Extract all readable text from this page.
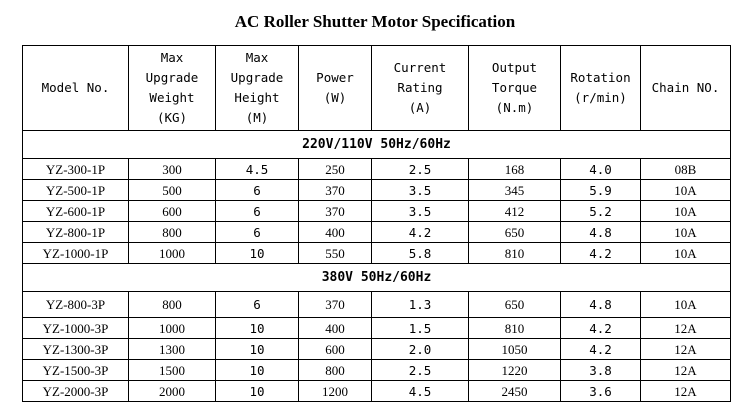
AC Roller Shutter Motor Specification
Model No.	Max
Upgrade
Weight
(KG)	Max
Upgrade
Height
(M)	Power
(W)	Current
Rating
(A)	Output
Torque
(N.m)	Rotation
(r/min)	Chain NO.
220V/110V 50Hz/60Hz							
YZ-300-1P	300	4.5	250	2.5	168	4.0	08B
YZ-500-1P	500	6	370	3.5	345	5.9	10A
YZ-600-1P	600	6	370	3.5	412	5.2	10A
YZ-800-1P	800	6	400	4.2	650	4.8	10A
YZ-1000-1P	1000	10	550	5.8	810	4.2	10A
380V 50Hz/60Hz							
YZ-800-3P	800	6	370	1.3	650	4.8	10A
YZ-1000-3P	1000	10	400	1.5	810	4.2	12A
YZ-1300-3P	1300	10	600	2.0	1050	4.2	12A
YZ-1500-3P	1500	10	800	2.5	1220	3.8	12A
YZ-2000-3P	2000	10	1200	4.5	2450	3.6	12A
